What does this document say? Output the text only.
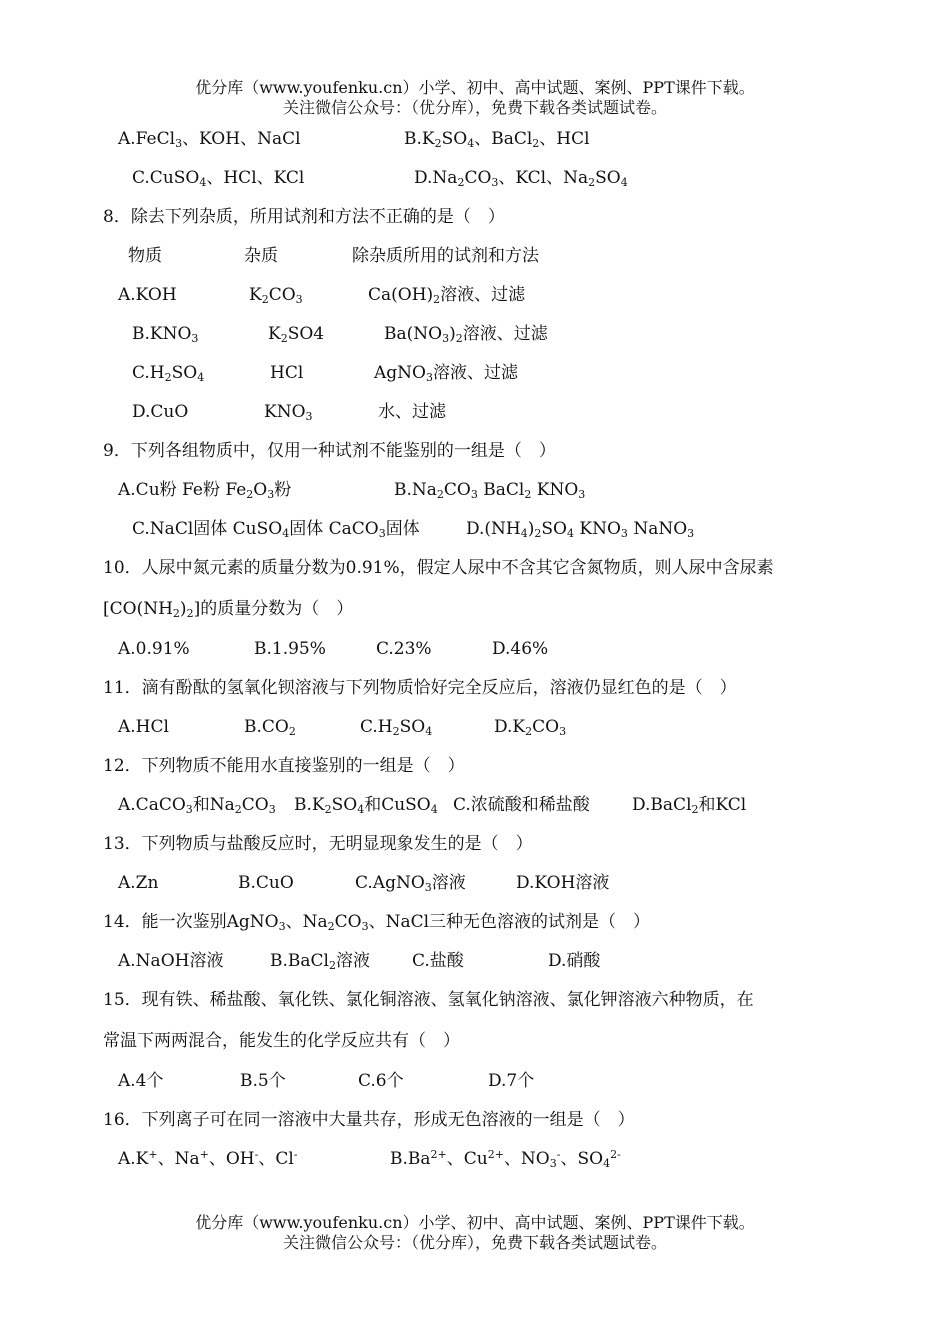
优分库（www.youfenku.cn）小学、初中、高中试题、案例、PPT课件下载。
关注微信公众号：（优分库），免费下载各类试题试卷。
A.FeCl$_3$、KOH、NaCl	$B.K_2SO_4$、BaCl$_2$、HCl
C.CuSO$_4$、HCl、KCl	$D.Na_2CO_3$、KCl、$Na_2SO_4$
8．除去下列杂质，所用试剂和方法不正确的是（　）
物质	杂质	除杂质所用的试剂和方法
A.KOH	$K_2CO_3$	$Ca(OH)_2$溶液、过滤
$B.KNO_3$	$K_2SO4$	$Ba(NO_3)_2$溶液、过滤
$C.H_2SO_4$	HCl	AgNO$_3$溶液、过滤
D.CuO	$KNO_3$	水、过滤
9．下列各组物质中，仅用一种试剂不能鉴别的一组是（　）
A.Cu粉 Fe粉 $Fe_2O_3$粉	$B.Na_2CO_3$ BaCl$_2$ $KNO_3$
C.NaCl固体 CuSO$_4$固体 CaCO$_3$固体	$D.(NH_4)_2SO_4$ $KNO_3$ NaNO$_3$
10．人尿中氮元素的质量分数为0.91%，假定人尿中不含其它含氮物质，则人尿中含尿素
$[CO(NH_2)_2]$的质量分数为（　）
A.0.91%	B.1.95%	C.23%	D.46%
11．滴有酚酞的氢氧化钡溶液与下列物质恰好完全反应后，溶液仍显红色的是（　）
A.HCl	$B.CO_2$	$C.H_2SO_4$	$D.K_2CO_3$
12．下列物质不能用水直接鉴别的一组是（　）
A.CaCO$_3$和$Na_2CO_3$ $B.K_2SO_4$和CuSO$_4$ C.浓硫酸和稀盐酸 D.BaCl$_2$和KCl
13．下列物质与盐酸反应时，无明显现象发生的是（　）
A.Zn	B.CuO	C.AgNO$_3$溶液	D.KOH溶液
14．能一次鉴别AgNO$_3$、$Na_2CO_3$、NaCl三种无色溶液的试剂是（　）
A.NaOH溶液	B.BaCl$_2$溶液 C.盐酸	D.硝酸
15．现有铁、稀盐酸、氧化铁、氯化铜溶液、氢氧化钠溶液、氯化钾溶液六种物质，在
常温下两两混合，能发生的化学反应共有（　）
A.4个	B.5个	C.6个	D.7个
16．下列离子可在同一溶液中大量共存，形成无色溶液的一组是（　）
A.K+、Na+、OH-、Cl-	$B.Ba^{2+}$、$Cu^{2+}$、$NO_3^-$、$SO_4^{2-}$
优分库（www.youfenku.cn）小学、初中、高中试题、案例、PPT课件下载。
关注微信公众号：（优分库），免费下载各类试题试卷。
